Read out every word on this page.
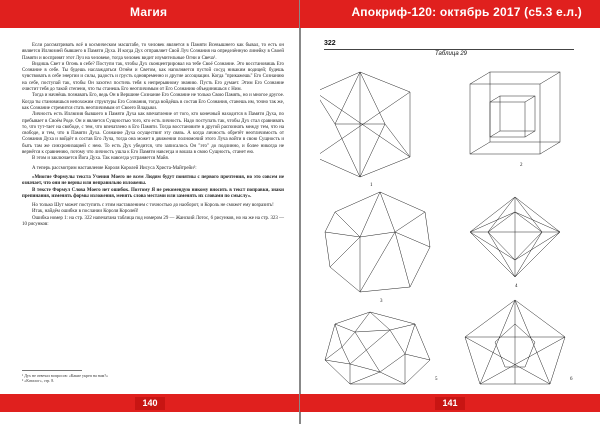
Магия

Если рассматривать всё в космическом масштабе, то человек является в Памяти Всевышнего как бывал, то есть он является Иллюзией бывшего в Памяти Духа. И когда Дух отправляет Свой Луч Сознания на определённую линейку в Своей Памяти и воспринят этот Луч на человеке, тогда человек видит изумительные Огни и Свеча¹.

Видишь Свет и Огонь в себе? Поступи так, чтобы Дух сконцентрировал на тебе Своё Сознание. Это восстановишь Его Сознание в себе. Ты будешь наслаждаться Огнём и Светом, как наполняется пустой сосуд никаким водицей; будешь чувствовать в себе энергии и силы, радость и грусть одновременно и другие ассоциации. Когда "прикажешь" Его Сознанию на себе, поступай так, чтобы Он захотел постичь тебя к непрерывному знанию. Пусть Его думает. Этим Его Сознание очистит тебя до такой степени, что ты станешь Его неотличимым от Его Сознанию объединишься с Ним.

Тогда и начнёшь познавать Его, ведь Он в Вершине Сознание Его Сознание не только Свою Память, но и многое другое. Когда ты становишься непохожим структуры Его Сознания, тогда войдёшь в состав Его Сознания, станешь им, точно так же, как Сознание стремится стать неотличимым от Своего Владыки.

Личность есть Иллюзия бывшего в Памяти Духа как впечатление от того, кто конечный находится в Памяти Духа, по пребывает в Своём Роде. Он и является Сущностью того, кто есть личность. Надо поступать так, чтобы Дух стал сравнивать то, что тут-тает на свободе, с тем, что впечатлено в Его Памяти. Тогда восстановите в другой распознать между тем, что на свободе, и тем, что в Памяти Духа. Сознание Духа осуществит эту связь. А когда личность обретёт неотличимость от Сознания Духа и войдёт в состав Его Луча, тогда она может в движении полномочий этого Луча войти в свою Сущность и быть там же синхронизацией с нею. То есть Дух убедится, что записалось Он "это" до подлинно, и более никогда не вернётся к сравнению, потому что личность ушла к Его Памяти навсегда и вошла в свою Сущность, станет ею.

В этом и заключается Йога Духа. Так навсегда устраняется Майя.

А теперь рассмотрим наставление Короля Королей Иисуса Христа-Майтрейи²:

«Многие Формулы текста Учения Моего не всем Людям будут понятны с первого прочтения, но это совсем не означает, что они не верны или неправильно изложены.

В тексте Формул Слова Моего нет ошибок. Поэтому Я не рекомендую никому вносить в текст поправки, знаки препинания, изменять формы изложения, менять слова местами или заменять их словами по смыслу».

Но только Шут может поступить с этим наставлением с точностью до наоборот, и Король не сможет ему возразить!

Итак, найдём ошибки в послании Короля Королей!

Ошибка номер 1: на стр. 322 напечатана таблица под номером 29 — Жанский Лотос, 6 рисунков, но на же на стр. 323 — 10 рисунков:

¹ Дух не отвечал вопросов: «Какие укреп на нам?»
² «Каталог», стр. 8.
140
Апокриф-120: октябрь 2017 (с5.3 е.л.)
322
Таблица 29
1
2
3
4
5	6
141
